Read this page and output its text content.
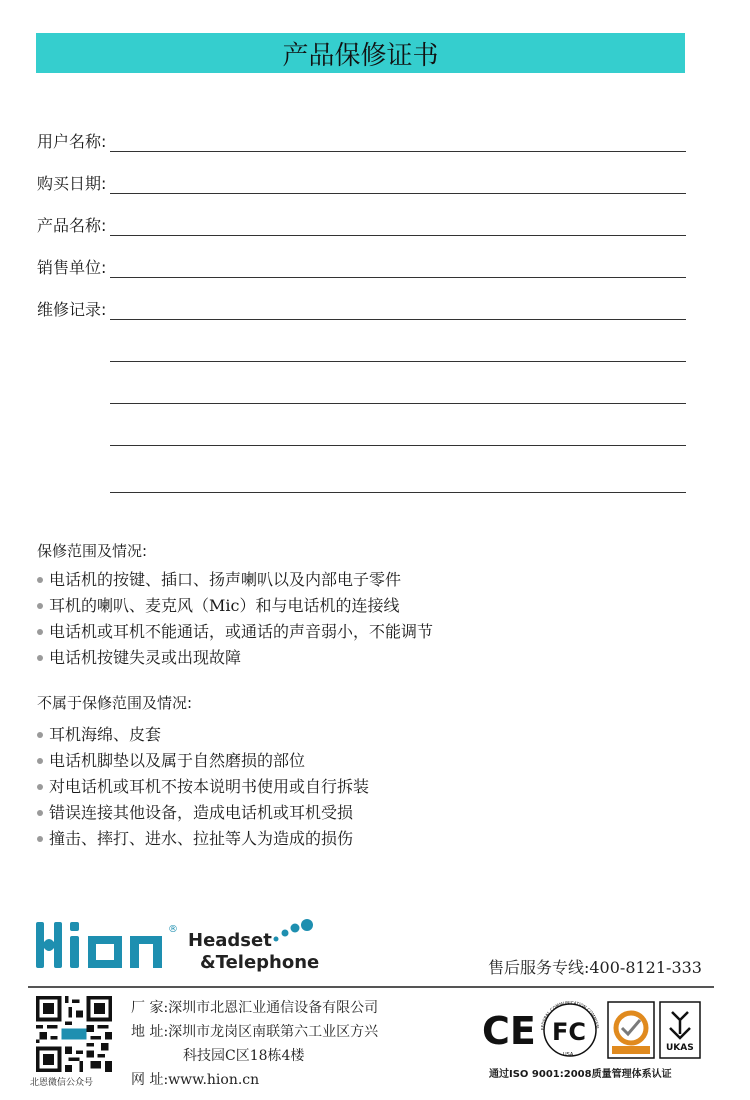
产品保修证书
用户名称:
购买日期:
产品名称:
销售单位:
维修记录:
保修范围及情况:
电话机的按键、插口、扬声喇叭以及内部电子零件
耳机的喇叭、麦克风（Mic）和与电话机的连接线
电话机或耳机不能通话，或通话的声音弱小，不能调节
电话机按键失灵或出现故障
不属于保修范围及情况:
耳机海绵、皮套
电话机脚垫以及属于自然磨损的部位
对电话机或耳机不按本说明书使用或自行拆装
错误连接其他设备，造成电话机或耳机受损
撞击、摔打、进水、拉扯等人为造成的损伤
®
Headset
&Telephone	售后服务专线:400-8121-333
北恩微信公众号
厂 家:深圳市北恩汇业通信设备有限公司
地 址:深圳市龙岗区南联第六工业区方兴
科技园C区18栋4楼
网 址:www.hion.cn
CE FC
USA
FEDERAL COMMUNICATION COMMISSI
UKAS
通过ISO 9001:2008质量管理体系认证
